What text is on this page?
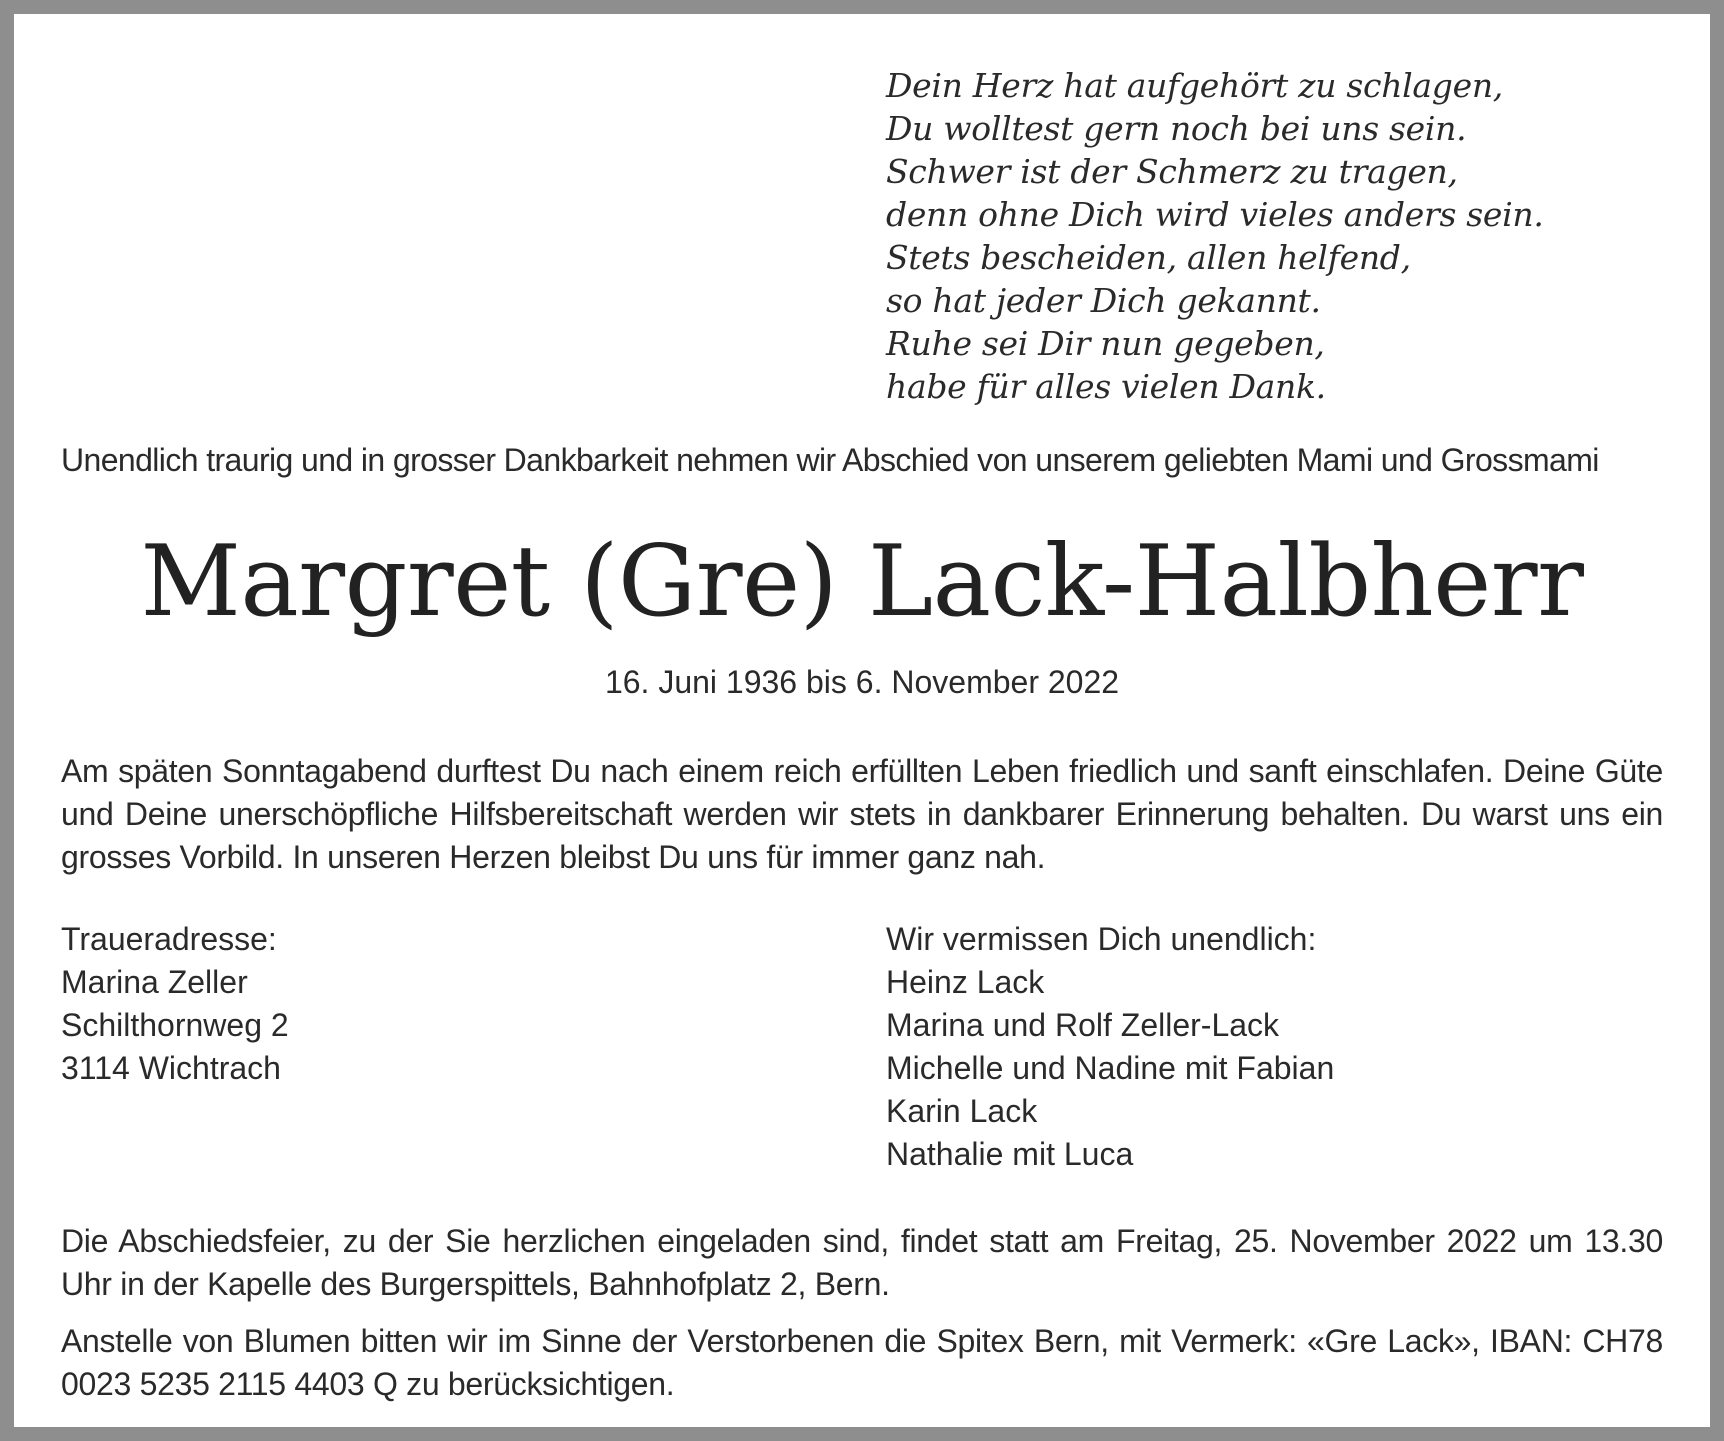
Dein Herz hat aufgehört zu schlagen,
Du wolltest gern noch bei uns sein.
Schwer ist der Schmerz zu tragen,
denn ohne Dich wird vieles anders sein.
Stets bescheiden, allen helfend,
so hat jeder Dich gekannt.
Ruhe sei Dir nun gegeben,
habe für alles vielen Dank.
Unendlich traurig und in grosser Dankbarkeit nehmen wir Abschied von unserem geliebten Mami und Grossmami
Margret (Gre) Lack-Halbherr
16. Juni 1936 bis 6. November 2022
Am späten Sonntagabend durftest Du nach einem reich erfüllten Leben friedlich und sanft einschlafen. Deine Güte und Deine unerschöpfliche Hilfsbereitschaft werden wir stets in dankbarer Erinnerung behalten. Du warst uns ein grosses Vorbild. In unseren Herzen bleibst Du uns für immer ganz nah.
Traueradresse:
Marina Zeller
Schilthornweg 2
3114 Wichtrach
Wir vermissen Dich unendlich:
Heinz Lack
Marina und Rolf Zeller-Lack
Michelle und Nadine mit Fabian
Karin Lack
Nathalie mit Luca
Die Abschiedsfeier, zu der Sie herzlichen eingeladen sind, findet statt am Freitag, 25. November 2022 um 13.30 Uhr in der Kapelle des Burgerspittels, Bahnhofplatz 2, Bern.
Anstelle von Blumen bitten wir im Sinne der Verstorbenen die Spitex Bern, mit Vermerk: «Gre Lack», IBAN: CH78 0023 5235 2115 4403 Q zu berücksichtigen.
